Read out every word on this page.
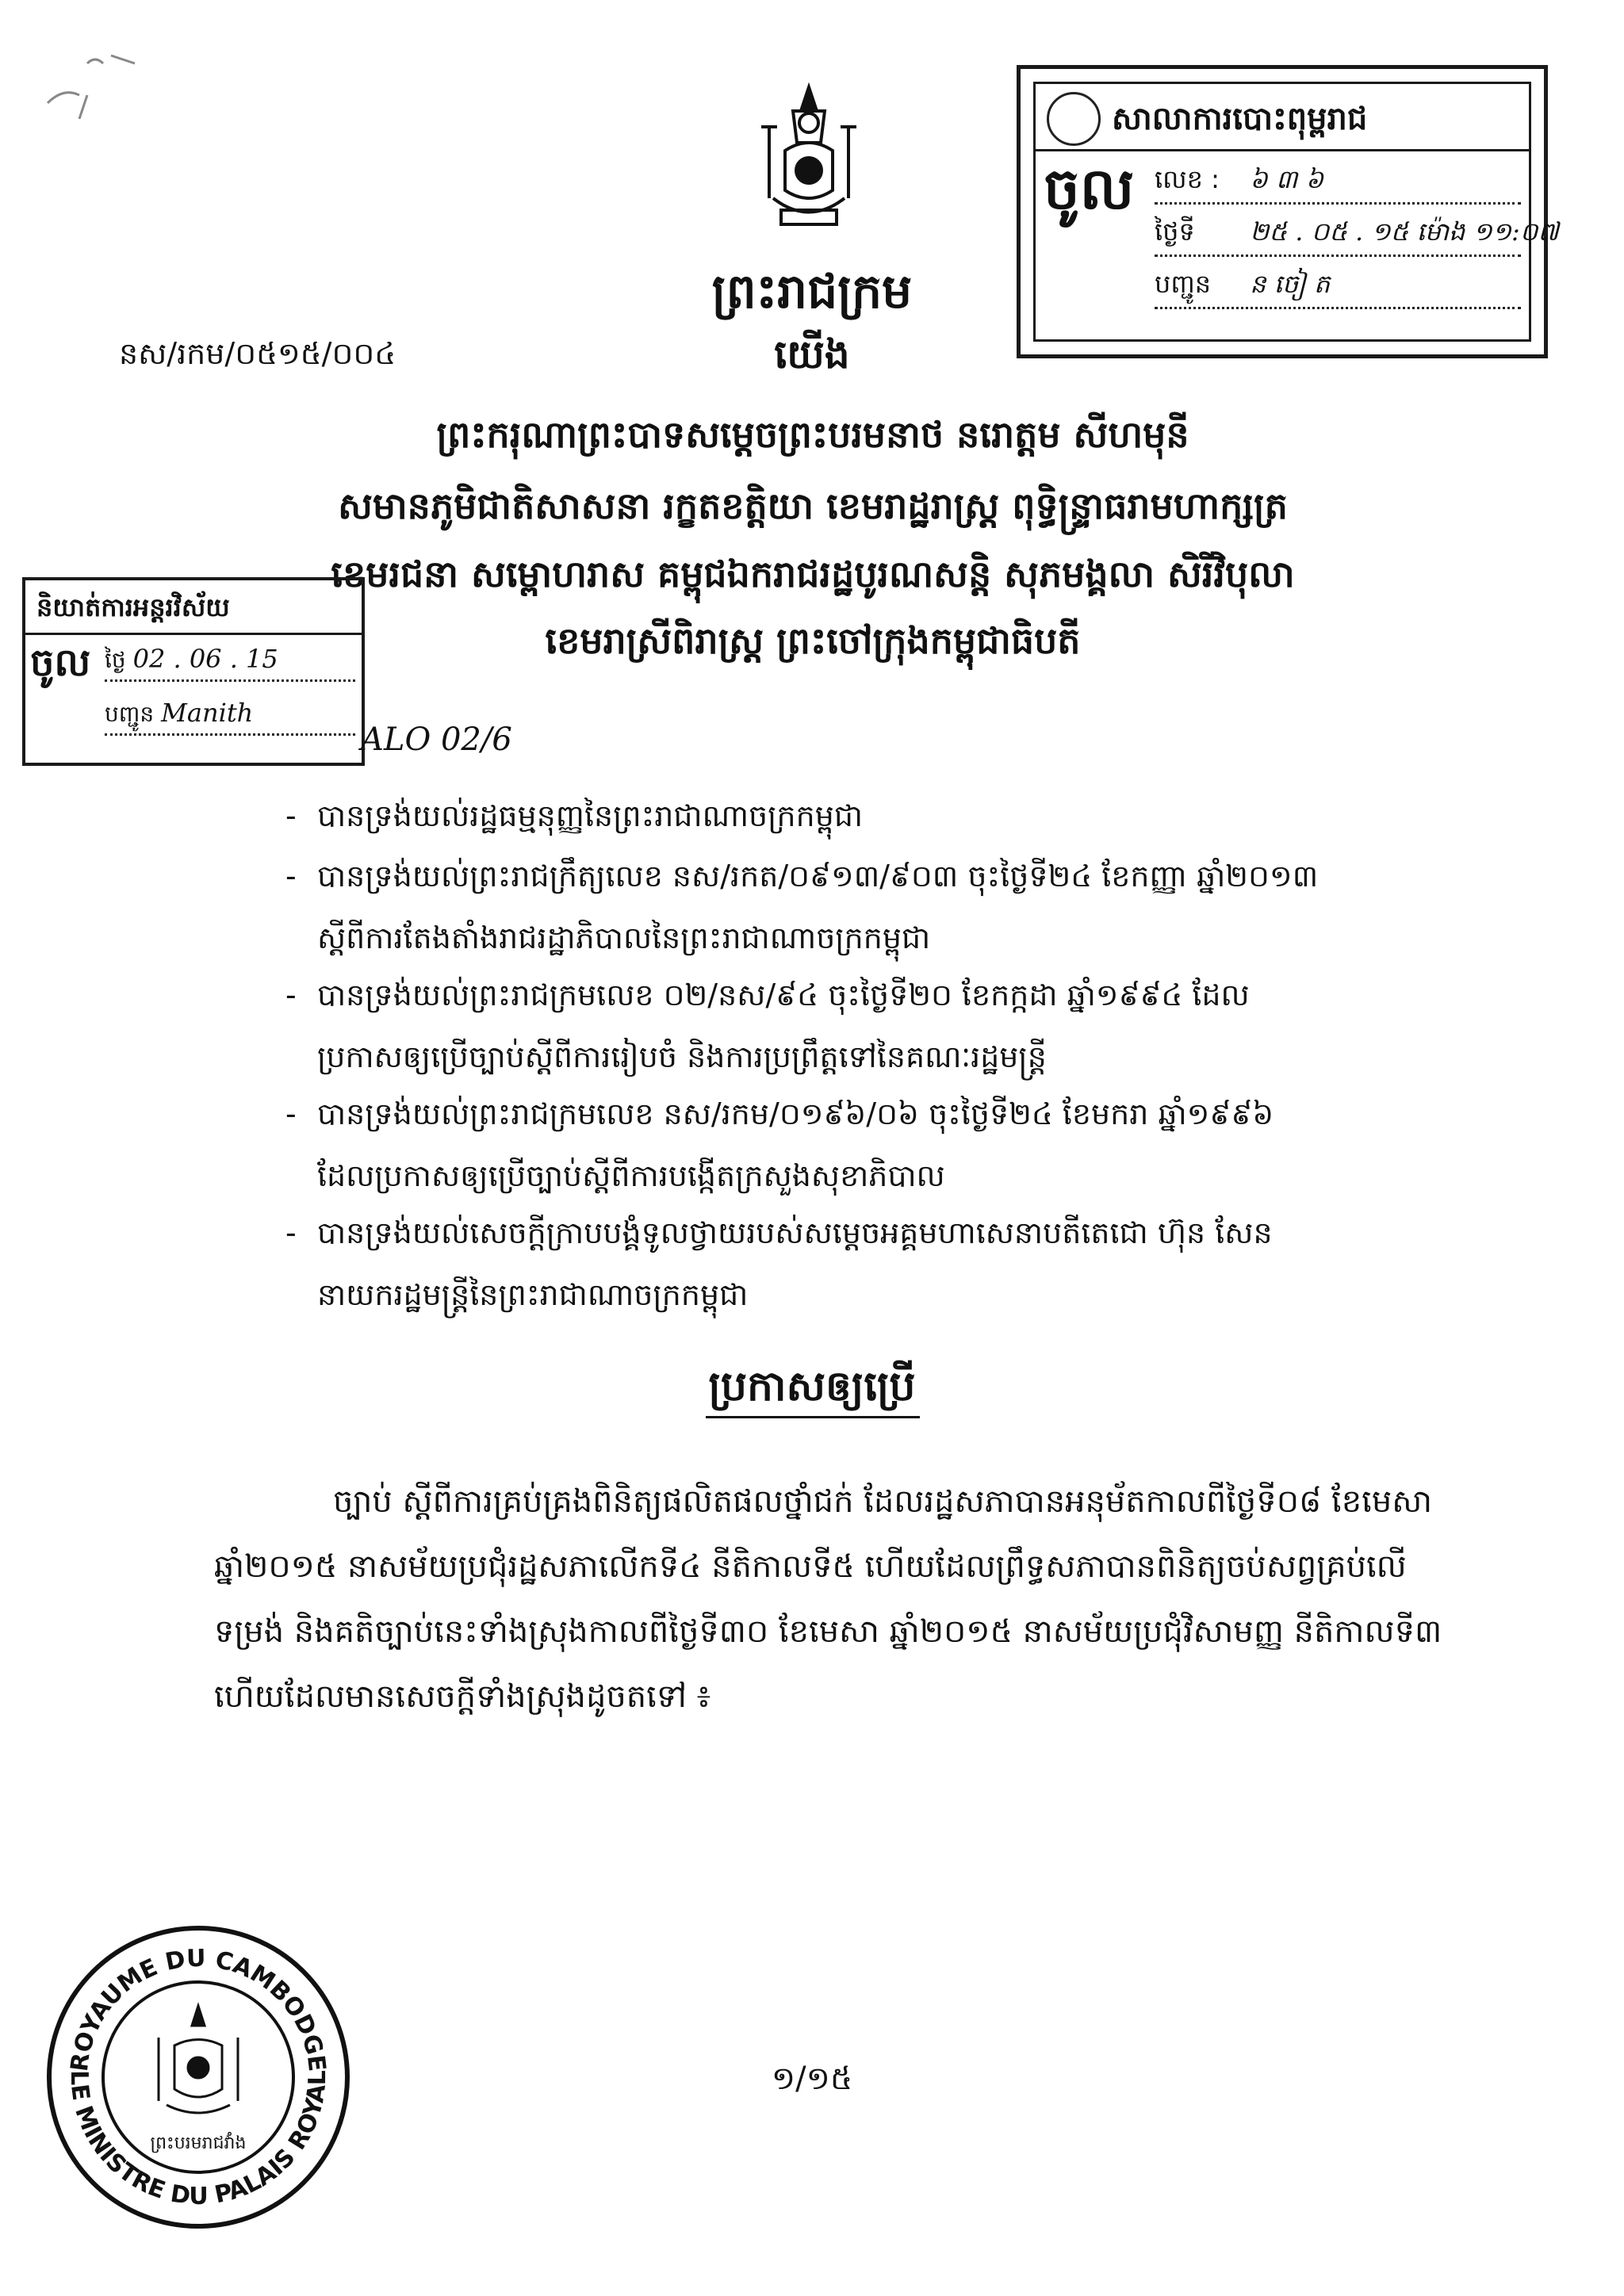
សាលាការបោះពុម្ពរាជ
ចូល លេខ : ៦ ៣ ៦
ថ្ងៃទី ២៥ . ០៥ . ១៥ ម៉ោង ១១:០៧
បញ្ជូន ន ចៀ ត
ព្រះរាជក្រម
នស/រកម/០៥១៥/០០៤	យើង
ព្រះករុណាព្រះបាទសម្តេចព្រះបរមនាថ នរោត្តម សីហមុនី
សមានភូមិជាតិសាសនា រក្ខតខត្តិយា ខេមរាដ្ឋរាស្ត្រ ពុទ្ធិន្ទ្រាធរាមហាក្សត្រ
ខេមរជនា សម្ពោហរាស គម្ពុជឯករាជរដ្ឋបូរណសន្តិ សុភមង្គលា សិរីវិបុលា
ខេមរាស្រីពិរាស្ត្រ ព្រះចៅក្រុងកម្ពុជាធិបតី
និយាត់ការអន្តរវិស័យ
ចូល ថ្ងៃ 02 . 06 . 15
បញ្ជូន Manith
ALO 02/6
- បានទ្រង់យល់រដ្ឋធម្មនុញ្ញនៃព្រះរាជាណាចក្រកម្ពុជា
- បានទ្រង់យល់ព្រះរាជក្រឹត្យលេខ នស/រកត/០៩១៣/៩០៣ ចុះថ្ងៃទី២៤ ខែកញ្ញា ឆ្នាំ២០១៣
ស្តីពីការតែងតាំងរាជរដ្ឋាភិបាលនៃព្រះរាជាណាចក្រកម្ពុជា
- បានទ្រង់យល់ព្រះរាជក្រមលេខ ០២/នស/៩៤ ចុះថ្ងៃទី២០ ខែកក្កដា ឆ្នាំ១៩៩៤ ដែល
ប្រកាសឲ្យប្រើច្បាប់ស្តីពីការរៀបចំ និងការប្រព្រឹត្តទៅនៃគណៈរដ្ឋមន្ត្រី
- បានទ្រង់យល់ព្រះរាជក្រមលេខ នស/រកម/០១៩៦/០៦ ចុះថ្ងៃទី២៤ ខែមករា ឆ្នាំ១៩៩៦
ដែលប្រកាសឲ្យប្រើច្បាប់ស្តីពីការបង្កើតក្រសួងសុខាភិបាល
- បានទ្រង់យល់សេចក្តីក្រាបបង្គំទូលថ្វាយរបស់សម្តេចអគ្គមហាសេនាបតីតេជោ ហ៊ុន សែន
នាយករដ្ឋមន្ត្រីនៃព្រះរាជាណាចក្រកម្ពុជា
ប្រកាសឲ្យប្រើ
ច្បាប់ ស្តីពីការគ្រប់គ្រងពិនិត្យផលិតផលថ្នាំជក់ ដែលរដ្ឋសភាបានអនុម័តកាលពីថ្ងៃទី០៨ ខែមេសា
ឆ្នាំ២០១៥ នាសម័យប្រជុំរដ្ឋសភាលើកទី៤ នីតិកាលទី៥ ហើយដែលព្រឹទ្ធសភាបានពិនិត្យចប់សព្វគ្រប់លើ
ទម្រង់ និងគតិច្បាប់នេះទាំងស្រុងកាលពីថ្ងៃទី៣០ ខែមេសា ឆ្នាំ២០១៥ នាសម័យប្រជុំវិសាមញ្ញ នីតិកាលទី៣
ហើយដែលមានសេចក្តីទាំងស្រុងដូចតទៅ ៖
ROYAUME DU CAMBODGE
LE MINISTRE DU PALAIS ROYAL
ព្រះបរមរាជវាំង
១/១៥
